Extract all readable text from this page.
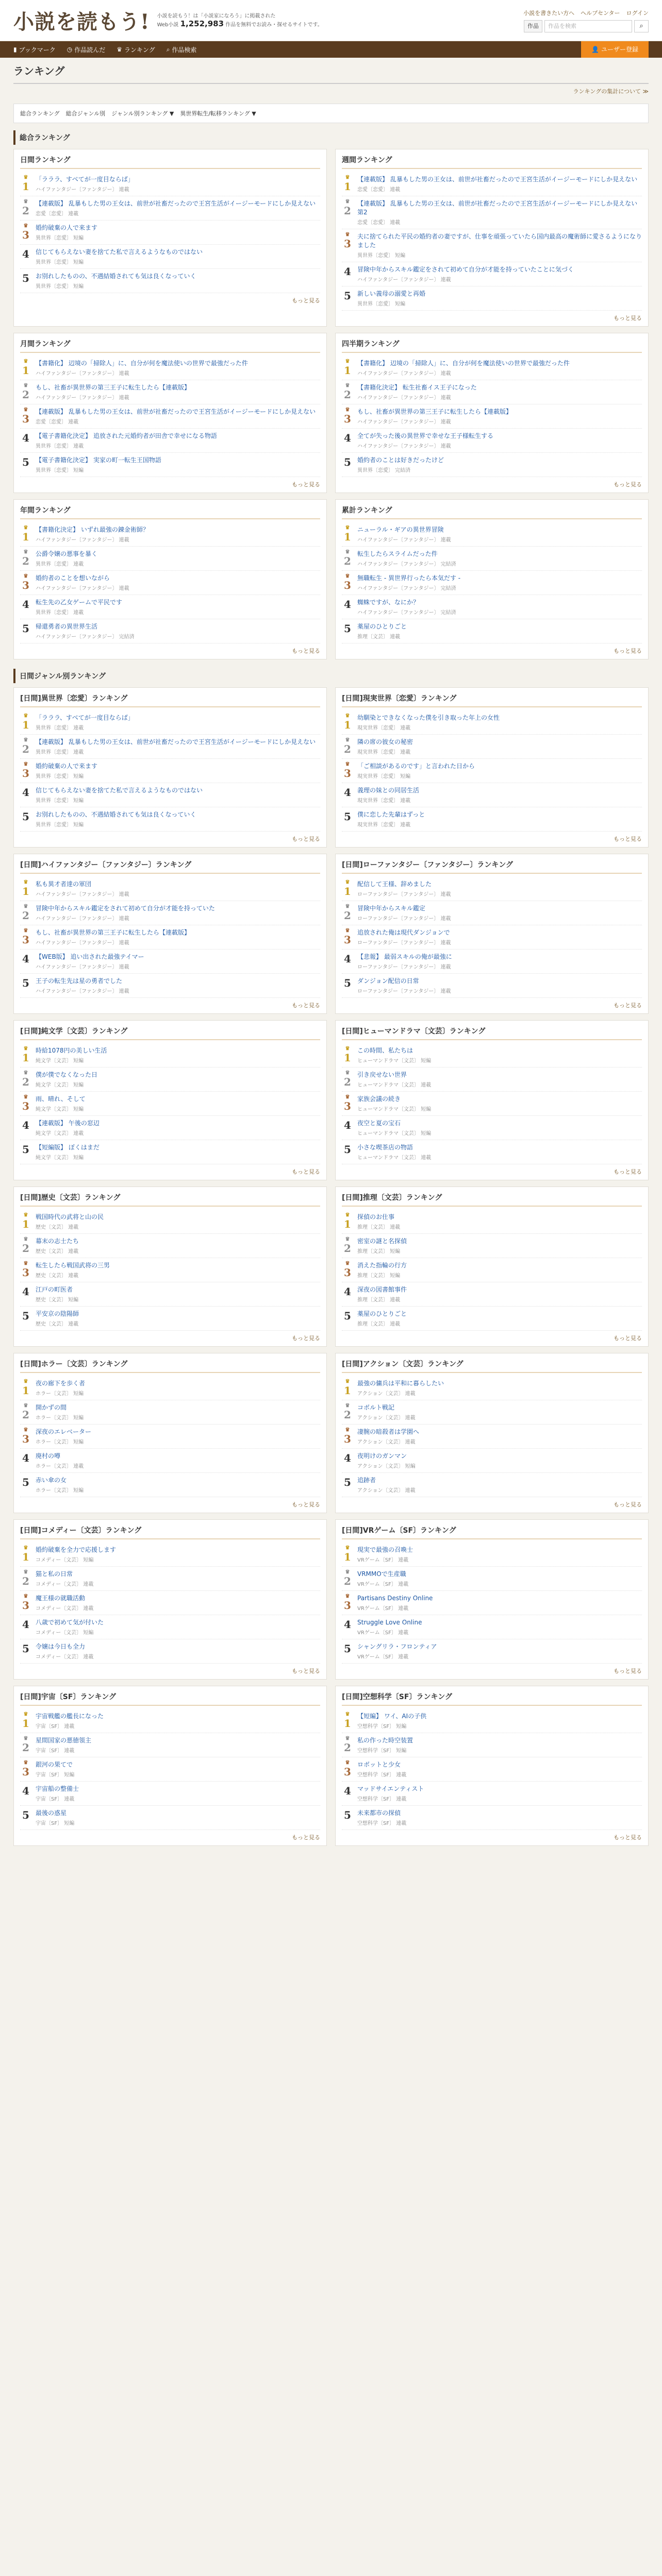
小説を読もう! 小説を読もう！は「小説家になろう」に掲載された
Web小説 1,252,983 作品を無料でお読み・探せるサイトです。
小説を書きたい方へ ヘルプセンター ログイン
作品	作品を検索	⌕
▮ ブックマーク ◷ 作品読んだ ♛ ランキング ⌕ 作品検索	👤 ユーザー登録
ランキング
ランキングの集計について ≫
総合ランキング 総合ジャンル別 ジャンル別ランキング ▼ 異世界転生/転移ランキング ▼
総合ランキング
日間ランキング
♛
1
「ラララ、すべてが一度目ならば」
ハイファンタジー〔ファンタジー〕 連載
♛
2
【連載版】 乱暴もした男の王女は、前世が社畜だったので王宮生活がイージーモードにしか見えない
恋愛〔恋愛〕 連載
♛
3
婚約破棄の人で来ます
異世界〔恋愛〕 短編
4	信じてもらえない妻を捨てた私で言えるようなものではない
異世界〔恋愛〕 短編
5	お別れしたものの、不遇結婚されても気は良くなっていく
異世界〔恋愛〕 短編
もっと見る
週間ランキング
♛
1
【連載版】 乱暴もした男の王女は、前世が社畜だったので王宮生活がイージーモードにしか見えない
恋愛〔恋愛〕 連載
♛
2
【連載版】 乱暴もした男の王女は、前世が社畜だったので王宮生活がイージーモードにしか見えない 第2
恋愛〔恋愛〕 連載
♛
3
夫に捨てられた平民の婚約者の妻ですが、仕事を頑張っていたら国内最高の魔術師に愛さるようになりました
異世界〔恋愛〕 短編
4	冒険中年からスキル鑑定をされて初めて自分が才能を持っていたことに気づく
ハイファンタジー〔ファンタジー〕 連載
5	新しい義母の溺愛と再婚
異世界〔恋愛〕 短編
もっと見る
月間ランキング
♛
1
【書籍化】 辺境の「掃除人」に、自分が何を魔法使いの世界で最強だった件
ハイファンタジー〔ファンタジー〕 連載
♛
2
もし、社畜が異世界の第三王子に転生したら【連載版】
ハイファンタジー〔ファンタジー〕 連載
♛
3
【連載版】 乱暴もした男の王女は、前世が社畜だったので王宮生活がイージーモードにしか見えない
恋愛〔恋愛〕 連載
4	【電子書籍化決定】 追放された元婚約者が田舎で幸せになる物語
異世界〔恋愛〕 連載
5	【電子書籍化決定】 実家の町一転生王国物語
異世界〔恋愛〕 短編
もっと見る
四半期ランキング
♛
1
【書籍化】 辺境の「掃除人」に、自分が何を魔法使いの世界で最強だった件
ハイファンタジー〔ファンタジー〕 連載
♛
2
【書籍化決定】 転生社畜イス王子になった
ハイファンタジー〔ファンタジー〕 連載
♛
3
もし、社畜が異世界の第三王子に転生したら【連載版】
ハイファンタジー〔ファンタジー〕 連載
4	全てが失った後の異世界で幸せな王子様転生する
ハイファンタジー〔ファンタジー〕 連載
5	婚約者のことは好きだったけど
異世界〔恋愛〕 完結済
もっと見る
年間ランキング
♛
1
【書籍化決定】 いずれ最強の錬金術師？
ハイファンタジー〔ファンタジー〕 連載
♛
2
公爵令嬢の悪事を暴く
異世界〔恋愛〕 連載
♛
3
婚約者のことを想いながら
ハイファンタジー〔ファンタジー〕 連載
4	転生先の乙女ゲームで平民です
異世界〔恋愛〕 連載
5	帰還勇者の異世界生活
ハイファンタジー〔ファンタジー〕 完結済
もっと見る
累計ランキング
♛
1
ニューラル・ギアの異世界冒険
ハイファンタジー〔ファンタジー〕 連載
♛
2
転生したらスライムだった件
ハイファンタジー〔ファンタジー〕 完結済
♛
3
無職転生 - 異世界行ったら本気だす -
ハイファンタジー〔ファンタジー〕 完結済
4	蜘蛛ですが、なにか？
ハイファンタジー〔ファンタジー〕 完結済
5	薬屋のひとりごと
推理〔文芸〕 連載
もっと見る
日間ジャンル別ランキング
[日間]異世界〔恋愛〕ランキング
♛
1
「ラララ、すべてが一度目ならば」
異世界〔恋愛〕 連載
♛
2
【連載版】 乱暴もした男の王女は、前世が社畜だったので王宮生活がイージーモードにしか見えない
異世界〔恋愛〕 連載
♛
3
婚約破棄の人で来ます
異世界〔恋愛〕 短編
4	信じてもらえない妻を捨てた私で言えるようなものではない
異世界〔恋愛〕 短編
5	お別れしたものの、不遇結婚されても気は良くなっていく
異世界〔恋愛〕 短編
もっと見る
[日間]現実世界〔恋愛〕ランキング
♛
1
幼馴染とできなくなった僕を引き取った年上の女性
現実世界〔恋愛〕 連載
♛
2
隣の席の彼女の秘密
現実世界〔恋愛〕 連載
♛
3
「ご相談があるのです」と言われた日から
現実世界〔恋愛〕 短編
4	義理の妹との同居生活
現実世界〔恋愛〕 連載
5	僕に恋した先輩はずっと
現実世界〔恋愛〕 連載
もっと見る
[日間]ハイファンタジー〔ファンタジー〕ランキング
♛
1
私も異才者達の軍団
ハイファンタジー〔ファンタジー〕 連載
♛
2
冒険中年からスキル鑑定をされて初めて自分が才能を持っていた
ハイファンタジー〔ファンタジー〕 連載
♛
3
もし、社畜が異世界の第三王子に転生したら【連載版】
ハイファンタジー〔ファンタジー〕 連載
4	【WEB版】 追い出された最強テイマー
ハイファンタジー〔ファンタジー〕 連載
5	王子の転生先は星の勇者でした
ハイファンタジー〔ファンタジー〕 連載
もっと見る
[日間]ローファンタジー〔ファンタジー〕ランキング
♛
1
配信して王様、辞めました
ローファンタジー〔ファンタジー〕 連載
♛
2
冒険中年からスキル鑑定
ローファンタジー〔ファンタジー〕 連載
♛
3
追放された俺は現代ダンジョンで
ローファンタジー〔ファンタジー〕 連載
4	【悲報】 最弱スキルの俺が最強に
ローファンタジー〔ファンタジー〕 連載
5	ダンジョン配信の日常
ローファンタジー〔ファンタジー〕 連載
もっと見る
[日間]純文学〔文芸〕ランキング
♛
1
時給1078円の美しい生活
純文学〔文芸〕 短編
♛
2
僕が僕でなくなった日
純文学〔文芸〕 短編
♛
3
雨、晴れ、そして
純文学〔文芸〕 短編
4	【連載版】 午後の窓辺
純文学〔文芸〕 連載
5	【短編版】 ぼくはまだ
純文学〔文芸〕 短編
もっと見る
[日間]ヒューマンドラマ〔文芸〕ランキング
♛
1
この時間、私たちは
ヒューマンドラマ〔文芸〕 短編
♛
2
引き戻せない世界
ヒューマンドラマ〔文芸〕 連載
♛
3
家族会議の続き
ヒューマンドラマ〔文芸〕 短編
4	夜空と夏の宝石
ヒューマンドラマ〔文芸〕 短編
5	小さな喫茶店の物語
ヒューマンドラマ〔文芸〕 連載
もっと見る
[日間]歴史〔文芸〕ランキング
♛
1
戦国時代の武将と山の民
歴史〔文芸〕 連載
♛
2
幕末の志士たち
歴史〔文芸〕 連載
♛
3
転生したら戦国武将の三男
歴史〔文芸〕 連載
4	江戸の町医者
歴史〔文芸〕 短編
5	平安京の陰陽師
歴史〔文芸〕 連載
もっと見る
[日間]推理〔文芸〕ランキング
♛
1
探偵のお仕事
推理〔文芸〕 連載
♛
2
密室の謎と名探偵
推理〔文芸〕 短編
♛
3
消えた指輪の行方
推理〔文芸〕 短編
4	深夜の図書館事件
推理〔文芸〕 連載
5	薬屋のひとりごと
推理〔文芸〕 連載
もっと見る
[日間]ホラー〔文芸〕ランキング
♛
1
夜の廊下を歩く者
ホラー〔文芸〕 短編
♛
2
開かずの間
ホラー〔文芸〕 短編
♛
3
深夜のエレベーター
ホラー〔文芸〕 短編
4	廃村の噂
ホラー〔文芸〕 連載
5	赤い傘の女
ホラー〔文芸〕 短編
もっと見る
[日間]アクション〔文芸〕ランキング
♛
1
最強の傭兵は平和に暮らしたい
アクション〔文芸〕 連載
♛
2
コボルト戦記
アクション〔文芸〕 連載
♛
3
凄腕の暗殺者は学園へ
アクション〔文芸〕 連載
4	夜明けのガンマン
アクション〔文芸〕 短編
5	追跡者
アクション〔文芸〕 連載
もっと見る
[日間]コメディー〔文芸〕ランキング
♛
1
婚約破棄を全力で応援します
コメディー〔文芸〕 短編
♛
2
猫と私の日常
コメディー〔文芸〕 連載
♛
3
魔王様の就職活動
コメディー〔文芸〕 連載
4	八歳で初めて気が付いた
コメディー〔文芸〕 短編
5	令嬢は今日も全力
コメディー〔文芸〕 連載
もっと見る
[日間]VRゲーム〔SF〕ランキング
♛
1
現実で最強の召喚士
VRゲーム〔SF〕 連載
♛
2
VRMMOで生産職
VRゲーム〔SF〕 連載
♛
3
Partisans Destiny Online
VRゲーム〔SF〕 連載
4	Struggle Love Online
VRゲーム〔SF〕 連載
5	シャングリラ・フロンティア
VRゲーム〔SF〕 連載
もっと見る
[日間]宇宙〔SF〕ランキング
♛
1
宇宙戦艦の艦長になった
宇宙〔SF〕 連載
♛
2
星間国家の悪徳領主
宇宙〔SF〕 連載
♛
3
銀河の果てで
宇宙〔SF〕 短編
4	宇宙船の整備士
宇宙〔SF〕 連載
5	最後の惑星
宇宙〔SF〕 短編
もっと見る
[日間]空想科学〔SF〕ランキング
♛
1
【短編】 ワイ、AIの子供
空想科学〔SF〕 短編
♛
2
私の作った時空装置
空想科学〔SF〕 短編
♛
3
ロボットと少女
空想科学〔SF〕 連載
4	マッドサイエンティスト
空想科学〔SF〕 連載
5	未来都市の探偵
空想科学〔SF〕 連載
もっと見る
